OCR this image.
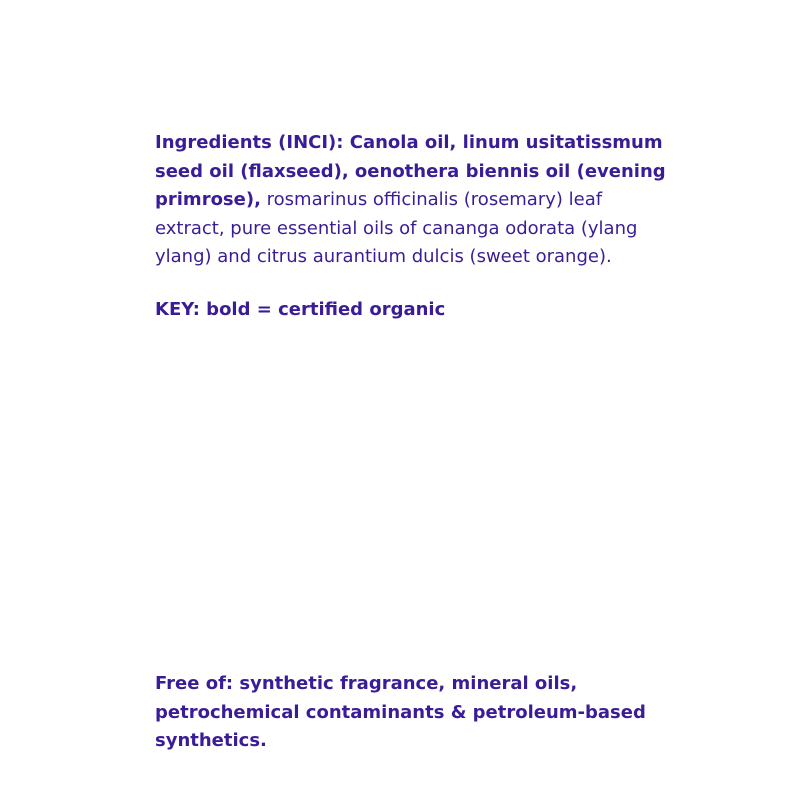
Ingredients (INCI): Canola oil, linum usitatissmum seed oil (flaxseed), oenothera biennis oil (evening primrose), rosmarinus officinalis (rosemary) leaf extract, pure essential oils of cananga odorata (ylang ylang) and citrus aurantium dulcis (sweet orange).

KEY: bold = certified organic

Free of: synthetic fragrance, mineral oils, petrochemical contaminants & petroleum-based synthetics.
